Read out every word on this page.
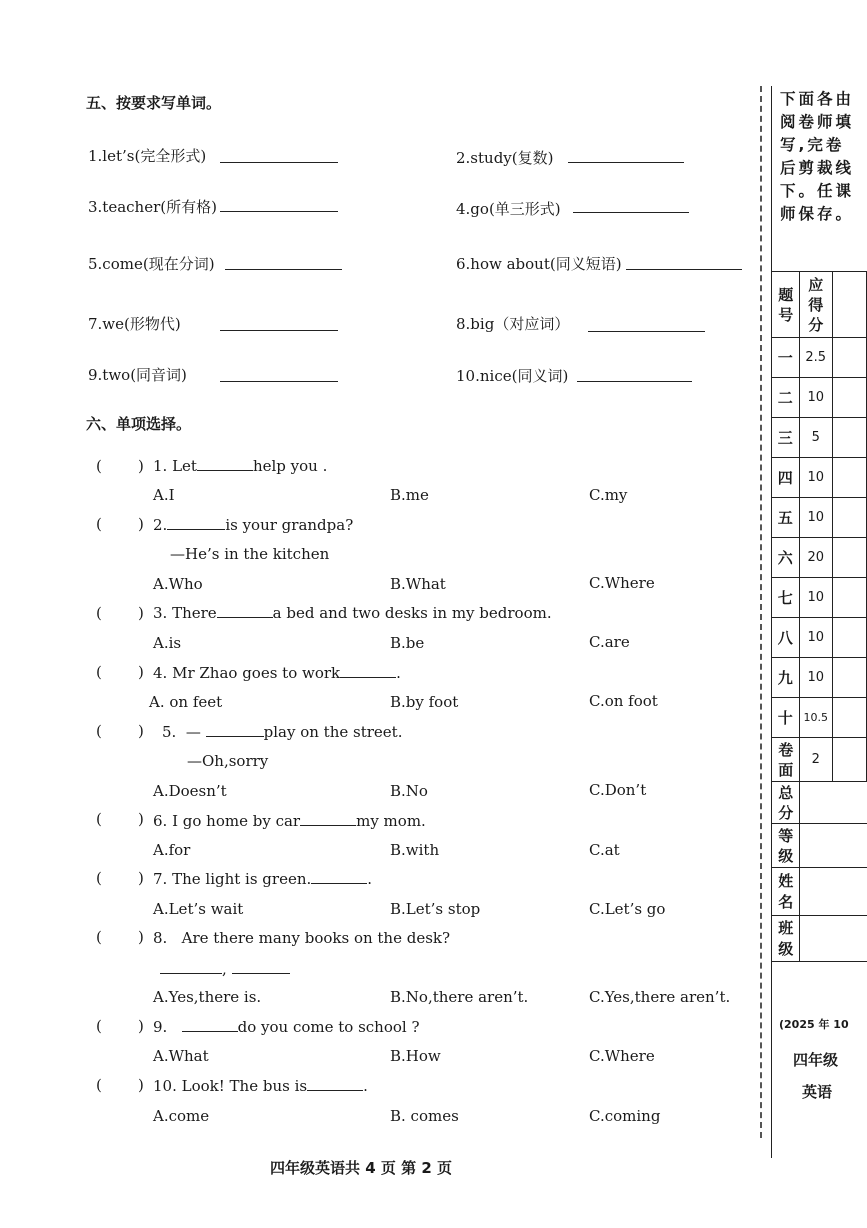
五、按要求写单词。
1.let’s(完全形式)	2.study(复数)
3.teacher(所有格)	4.go(单三形式)
5.come(现在分词)	6.how about(同义短语)
7.we(形物代)	8.big（对应词）
9.two(同音词)	10.nice(同义词)
六、单项选择。
( ) 1. Let	help you .
A.I	B.me	C.my
( ) 2.	is your grandpa?
—He’s in the kitchen
A.Who	B.What	C.Where
( ) 3. There	a bed and two desks in my bedroom.
A.is	B.be	C.are
( ) 4. Mr Zhao goes to work	.
A. on feet	B.by foot	C.on foot
( ) 5. —	play on the street.
—Oh,sorry
A.Doesn’t	B.No	C.Don’t
( ) 6. I go home by car	my mom.
A.for	B.with	C.at
( ) 7. The light is green.	.
A.Let’s wait	B.Let’s stop	C.Let’s go
( ) 8. Are there many books on the desk?
,
A.Yes,there is.	B.No,there aren’t.	C.Yes,there aren’t.
( ) 9.	do you come to school ?
A.What	B.How	C.Where
( ) 10. Look! The bus is	.
A.come	B. comes	C.coming
四年级英语共 4 页 第 2 页
下面各由阅卷师填写,完卷后剪裁线下。任课师保存。
题号	应得分	

一	2.5	
二	10	
三	5	
四	10	
五	10	
六	20	
七	10	
八	10	
九	10	
十	10.5	

卷面	2	

总分		

等级		

姓名		

班级		

(2025 年 10
四年级
英语
